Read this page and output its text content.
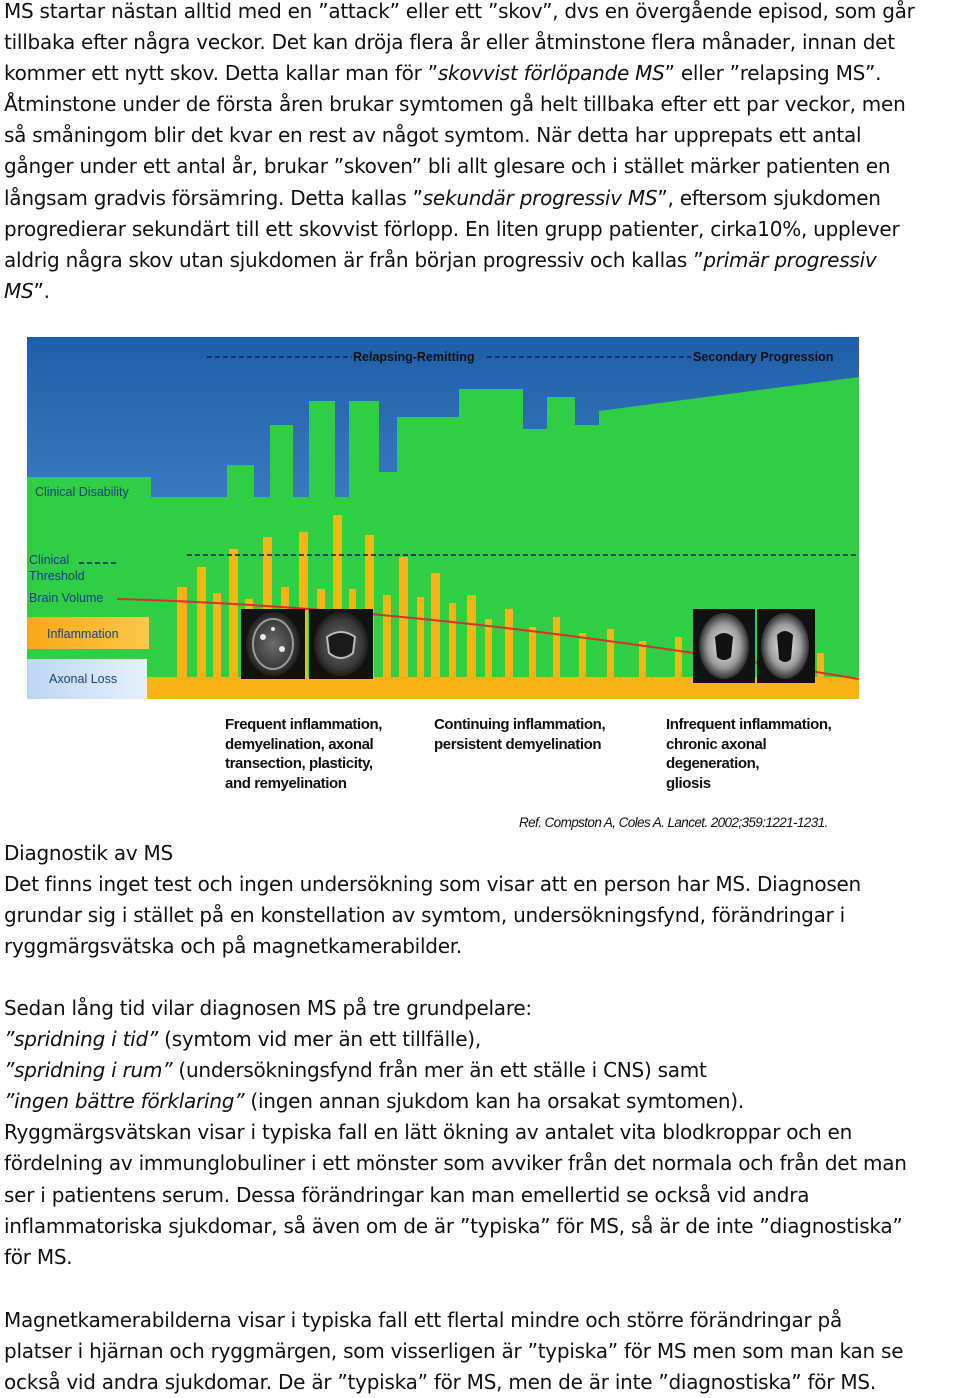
MS startar nästan alltid med en ”attack” eller ett ”skov”, dvs en övergående episod, som går
tillbaka efter några veckor. Det kan dröja flera år eller åtminstone flera månader, innan det
kommer ett nytt skov. Detta kallar man för ”skovvist förlöpande MS” eller ”relapsing MS”.
Åtminstone under de första åren brukar symtomen gå helt tillbaka efter ett par veckor, men
så småningom blir det kvar en rest av något symtom. När detta har upprepats ett antal
gånger under ett antal år, brukar ”skoven” bli allt glesare och i stället märker patienten en
långsam gradvis försämring. Detta kallas ”sekundär progressiv MS”, eftersom sjukdomen
progredierar sekundärt till ett skovvist förlopp. En liten grupp patienter, cirka10%, upplever
aldrig några skov utan sjukdomen är från början progressiv och kallas ”primär progressiv
MS”.
Clinical Disability
Clinical
Threshold
Brain Volume
Inflammation
Axonal Loss
Relapsing-Remitting	Secondary Progression
Frequent inflammation,
demyelination, axonal
transection, plasticity,
and remyelination
Continuing inflammation,
persistent demyelination
Infrequent inflammation,
chronic axonal
degeneration,
gliosis
Ref. Compston A, Coles A. Lancet. 2002;359:1221-1231.
Diagnostik av MS
Det finns inget test och ingen undersökning som visar att en person har MS. Diagnosen
grundar sig i stället på en konstellation av symtom, undersökningsfynd, förändringar i
ryggmärgsvätska och på magnetkamerabilder.
Sedan lång tid vilar diagnosen MS på tre grundpelare:
”spridning i tid” (symtom vid mer än ett tillfälle),
”spridning i rum” (undersökningsfynd från mer än ett ställe i CNS) samt
”ingen bättre förklaring” (ingen annan sjukdom kan ha orsakat symtomen).
Ryggmärgsvätskan visar i typiska fall en lätt ökning av antalet vita blodkroppar och en
fördelning av immunglobuliner i ett mönster som avviker från det normala och från det man
ser i patientens serum. Dessa förändringar kan man emellertid se också vid andra
inflammatoriska sjukdomar, så även om de är ”typiska” för MS, så är de inte ”diagnostiska”
för MS.
Magnetkamerabilderna visar i typiska fall ett flertal mindre och större förändringar på
platser i hjärnan och ryggmärgen, som visserligen är ”typiska” för MS men som man kan se
också vid andra sjukdomar. De är ”typiska” för MS, men de är inte ”diagnostiska” för MS.
